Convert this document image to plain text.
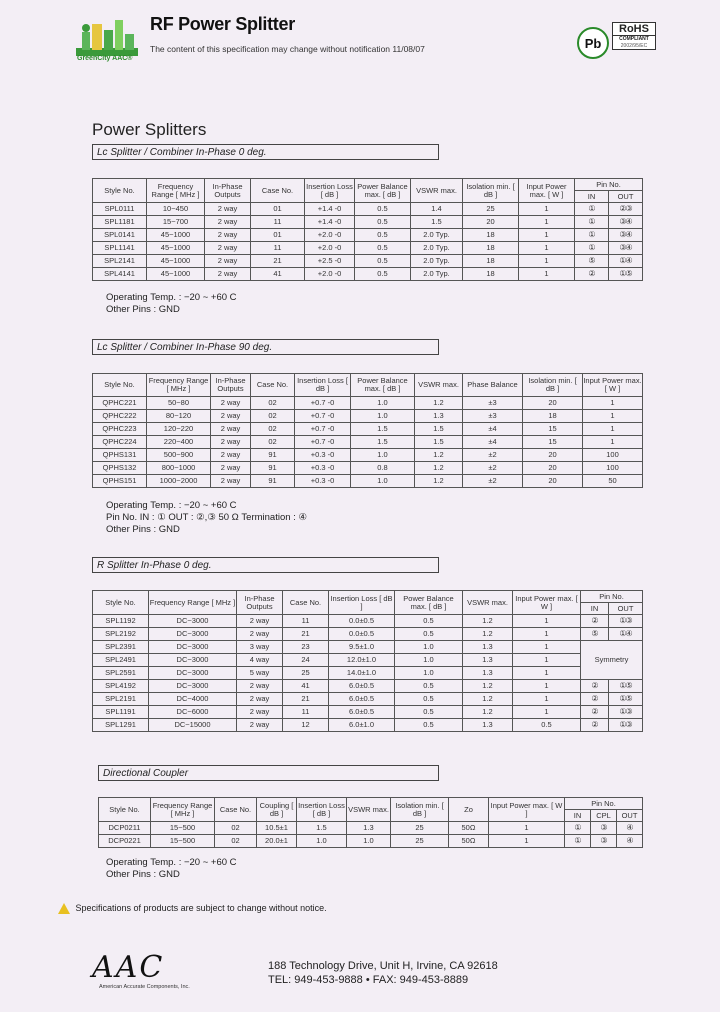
GreenCity AAC®
RF Power Splitter
The content of this specification may change without notification 11/08/07	Pb
RoHS
COMPLIANT
2002/95/EC
Power Splitters
Lc Splitter / Combiner In-Phase 0 deg.
Style No.	Frequency Range [ MHz ]	In-Phase Outputs	Case No.	Insertion Loss [ dB ]	Power Balance max. [ dB ]	VSWR max.	Isolation min. [ dB ]	Input Power max. [ W ]	Pin No.	
									IN	OUT
SPL0111	10~450	2 way	01	+1.4 -0	0.5	1.4	25	1	①	②③
SPL1181	15~700	2 way	11	+1.4 -0	0.5	1.5	20	1	①	③④
SPL0141	45~1000	2 way	01	+2.0 -0	0.5	2.0 Typ.	18	1	①	③④
SPL1141	45~1000	2 way	11	+2.0 -0	0.5	2.0 Typ.	18	1	①	③④
SPL2141	45~1000	2 way	21	+2.5 -0	0.5	2.0 Typ.	18	1	⑤	①④
SPL4141	45~1000	2 way	41	+2.0 -0	0.5	2.0 Typ.	18	1	②	①⑤
Operating Temp. : −20 ~ +60 C
Other Pins : GND
Lc Splitter / Combiner In-Phase 90 deg.
Style No.	Frequency Range [ MHz ]	In-Phase Outputs	Case No.	Insertion Loss [ dB ]	Power Balance max. [ dB ]	VSWR max.	Phase Balance	Isolation min. [ dB ]	Input Power max. [ W ]
QPHC221	50~80	2 way	02	+0.7 -0	1.0	1.2	±3	20	1
QPHC222	80~120	2 way	02	+0.7 -0	1.0	1.3	±3	18	1
QPHC223	120~220	2 way	02	+0.7 -0	1.5	1.5	±4	15	1
QPHC224	220~400	2 way	02	+0.7 -0	1.5	1.5	±4	15	1
QPHS131	500~900	2 way	91	+0.3 -0	1.0	1.2	±2	20	100
QPHS132	800~1000	2 way	91	+0.3 -0	0.8	1.2	±2	20	100
QPHS151	1000~2000	2 way	91	+0.3 -0	1.0	1.2	±2	20	50
Operating Temp. : −20 ~ +60 C
Pin No. IN : ① OUT : ②,③ 50 Ω Termination : ④
Other Pins : GND
R Splitter In-Phase 0 deg.
Style No.	Frequency Range [ MHz ]	In-Phase Outputs	Case No.	Insertion Loss [ dB ]	Power Balance max. [ dB ]	VSWR max.	Input Power max. [ W ]	Pin No.	
								IN	OUT
SPL1192	DC~3000	2 way	11	0.0±0.5	0.5	1.2	1	②	①③
SPL2192	DC~3000	2 way	21	0.0±0.5	0.5	1.2	1	⑤	①④
SPL2391	DC~3000	3 way	23	9.5±1.0	1.0	1.3	1	Symmetry	
SPL2491	DC~3000	4 way	24	12.0±1.0	1.0	1.3	1		
SPL2591	DC~3000	5 way	25	14.0±1.0	1.0	1.3	1		
SPL4192	DC~3000	2 way	41	6.0±0.5	0.5	1.2	1	②	①⑤
SPL2191	DC~4000	2 way	21	6.0±0.5	0.5	1.2	1	②	①⑤
SPL1191	DC~6000	2 way	11	6.0±0.5	0.5	1.2	1	②	①③
SPL1291	DC~15000	2 way	12	6.0±1.0	0.5	1.3	0.5	②	①③
Directional Coupler
Style No.	Frequency Range [ MHz ]	Case No.	Coupling [ dB ]	Insertion Loss [ dB ]	VSWR max.	Isolation min. [ dB ]	Zo	Input Power max. [ W ]	Pin No.		
									IN	CPL	OUT
DCP0211	15~500	02	10.5±1	1.5	1.3	25	50Ω	1	①	③	④
DCP0221	15~500	02	20.0±1	1.0	1.0	25	50Ω	1	①	③	④
Operating Temp. : −20 ~ +60 C
Other Pins : GND
Specifications of products are subject to change without notice.
AAC
American Accurate Components, Inc.
188 Technology Drive, Unit H, Irvine, CA 92618
TEL: 949-453-9888 • FAX: 949-453-8889
